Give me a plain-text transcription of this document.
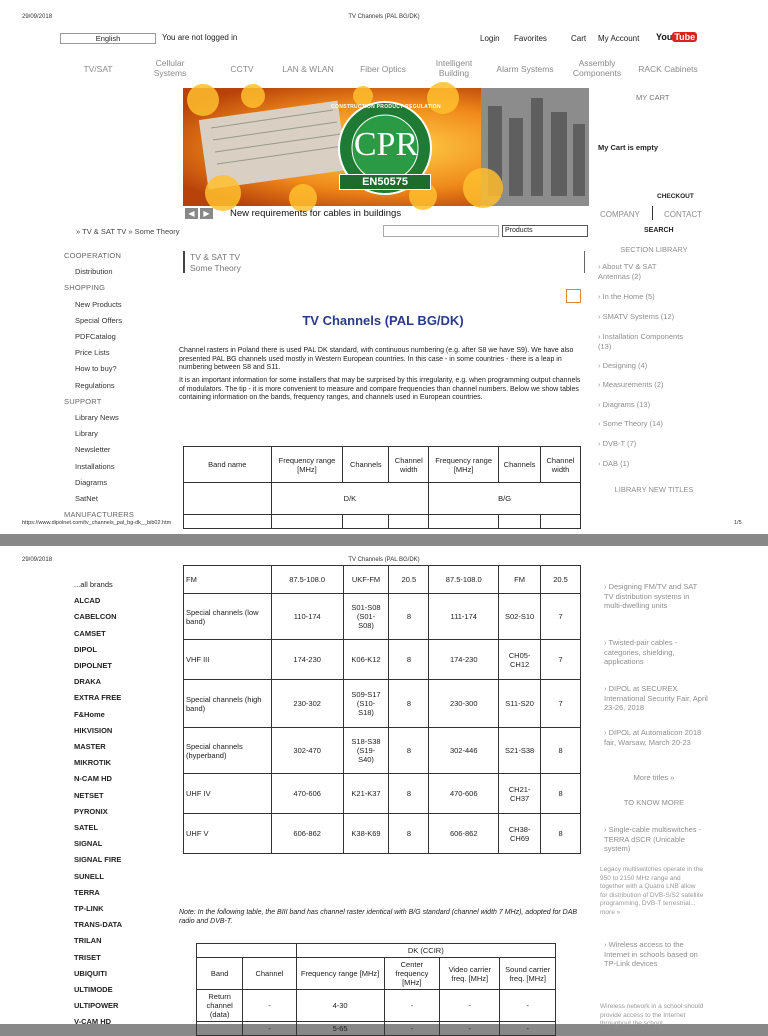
29/09/2018	TV Channels (PAL BG/DK)
English	You are not logged in	Login Favorites	Cart My Account You Tube
TV/SAT
Cellular
Systems	CCTV	LAN & WLAN	Fiber Optics
Intelligent
Building	Alarm Systems
Assembly
Components	RACK Cabinets
CONSTRUCTION PRODUCT REGULATION
CPR
EN50575
◀	▶	New requirements for cables in buildings
MY CART
My Cart is empty
CHECKOUT
COMPANY	CONTACT
» TV & SAT TV » Some Theory	Products	SEARCH
COOPERATION
Distribution
SHOPPING
New Products
Special Offers
PDFCatalog
Price Lists
How to buy?
Regulations
SUPPORT
Library News
Library
Newsletter
Installations
Diagrams
SatNet
MANUFACTURERS
TV & SAT TV
Some Theory
TV Channels (PAL BG/DK)
Channel rasters in Poland there is used PAL DK standard, with continuous numbering (e.g. after S8 we have S9). We have also presented PAL BG channels used mostly in Western European countries. In this case - in some countries - there is a leap in numbering between S8 and S11.
It is an important information for some installers that may be surprised by this irregularity, e.g. when programming output channels of modulators. The tip - it is more convenient to measure and compare frequencies than channel numbers. Below we show tables containing information on the bands, frequency ranges, and channels used in European countries.
Band name	Frequency range [MHz]	Channels	Channel width	Frequency range [MHz]	Channels	Channel width
	D/K			B/G		

SECTION LIBRARY
› About TV & SAT
Antennas (2)
› In the Home (5)
› SMATV Systems (12)
› Installation Components
(13)
› Designing (4)
› Measurements (2)
› Diagrams (13)
› Some Theory (14)
› DVB-T (7)
› DAB (1)
LIBRARY NEW TITLES
https://www.dipolnet.com/tv_channels_pal_bg-dk__bib02.htm	1/5
29/09/2018	TV Channels (PAL BG/DK)
...all brands
ALCAD
CABELCON
CAMSET
DIPOL
DIPOLNET
DRAKA
EXTRA FREE
F&Home
HIKVISION
MASTER
MIKROTIK
N-CAM HD
NETSET
PYRONIX
SATEL
SIGNAL
SIGNAL FIRE
SUNELL
TERRA
TP-LINK
TRANS-DATA
TRILAN
TRISET
UBIQUITI
ULTIMODE
ULTIPOWER
V-CAM HD
FM	87.5-108.0	UKF-FM	20.5	87.5-108.0	FM	20.5
Special channels (low band)	110-174	S01-S08
(S01-
S08)	8	111-174	S02-S10	7
VHF III	174-230	K06-K12	8	174-230	CH05-
CH12	7
Special channels (high band)	230-302	S09-S17
(S10-
S18)	8	230-300	S11-S20	7
Special channels (hyperband)	302-470	S18-S38
(S19-
S40)	8	302-446	S21-S38	8
UHF IV	470-606	K21-K37	8	470-606	CH21-
CH37	8
UHF V	606-862	K38-K69	8	606-862	CH38-
CH69	8
Note: In the following table, the BIII band has channel raster identical with B/G standard (channel width 7 MHz), adopted for DAB radio and DVB-T.
		DK (CCIR)			
Band	Channel	Frequency range [MHz]	Center frequency [MHz]	Video carrier freq. [MHz]	Sound carrier freq. [MHz]
Return channel (data)	-	4-30	-	-	-
	-	5-65	-	-	-
› Designing FM/TV and SAT TV distribution systems in multi-dwelling units
› Twisted-pair cables - categories, shielding, applications
› DIPOL at SECUREX International Security Fair, April 23-26, 2018
› DIPOL at Automaticon 2018 fair, Warsaw, March 20-23
More titles »
TO KNOW MORE
› Single-cable multiswitches - TERRA dSCR (Unicable system)
Legacy multiswitches operate in the 950 to 2150 MHz range and together with a Quatro LNB allow for distribution of DVB-S/S2 satellite programming, DVB-T terrestrial... more »
› Wireless access to the Internet in schools based on TP-Link devices
Wireless network in a school should provide access to the Internet throughout the school
